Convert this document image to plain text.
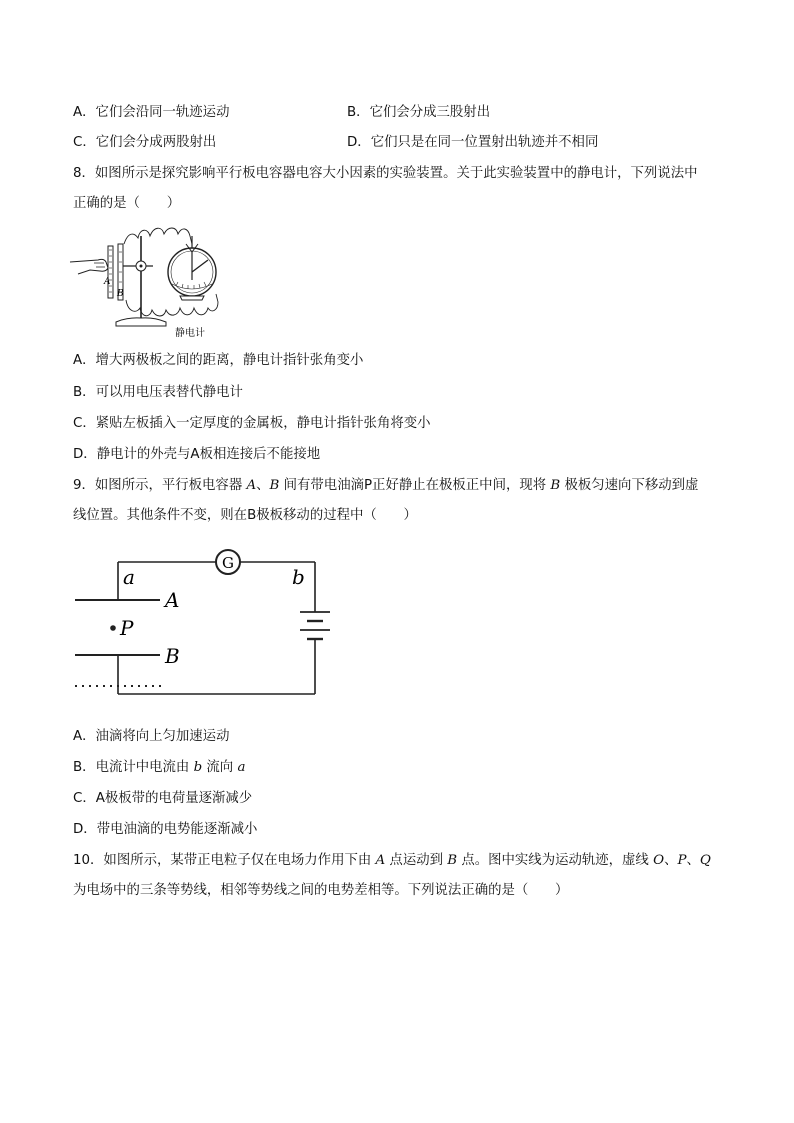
A．它们会沿同一轨迹运动	B．它们会分成三股射出
C．它们会分成两股射出	D．它们只是在同一位置射出轨迹并不相同
8．如图所示是探究影响平行板电容器电容大小因素的实验装置。关于此实验装置中的静电计，下列说法中
正确的是（　　）
A
B
静电计
A．增大两极板之间的距离，静电计指针张角变小
B．可以用电压表替代静电计
C．紧贴左板插入一定厚度的金属板，静电计指针张角将变小
D．静电计的外壳与A板相连接后不能接地
9．如图所示，平行板电容器 A、B 间有带电油滴P正好静止在极板正中间，现将 B 极板匀速向下移动到虚
线位置。其他条件不变，则在B极板移动的过程中（　　）
G
P
A
B
a	b
A．油滴将向上匀加速运动
B．电流计中电流由 b 流向 a
C．A极板带的电荷量逐渐减少
D．带电油滴的电势能逐渐减小
10．如图所示，某带正电粒子仅在电场力作用下由 A 点运动到 B 点。图中实线为运动轨迹，虚线 O、P、Q
为电场中的三条等势线，相邻等势线之间的电势差相等。下列说法正确的是（　　）
